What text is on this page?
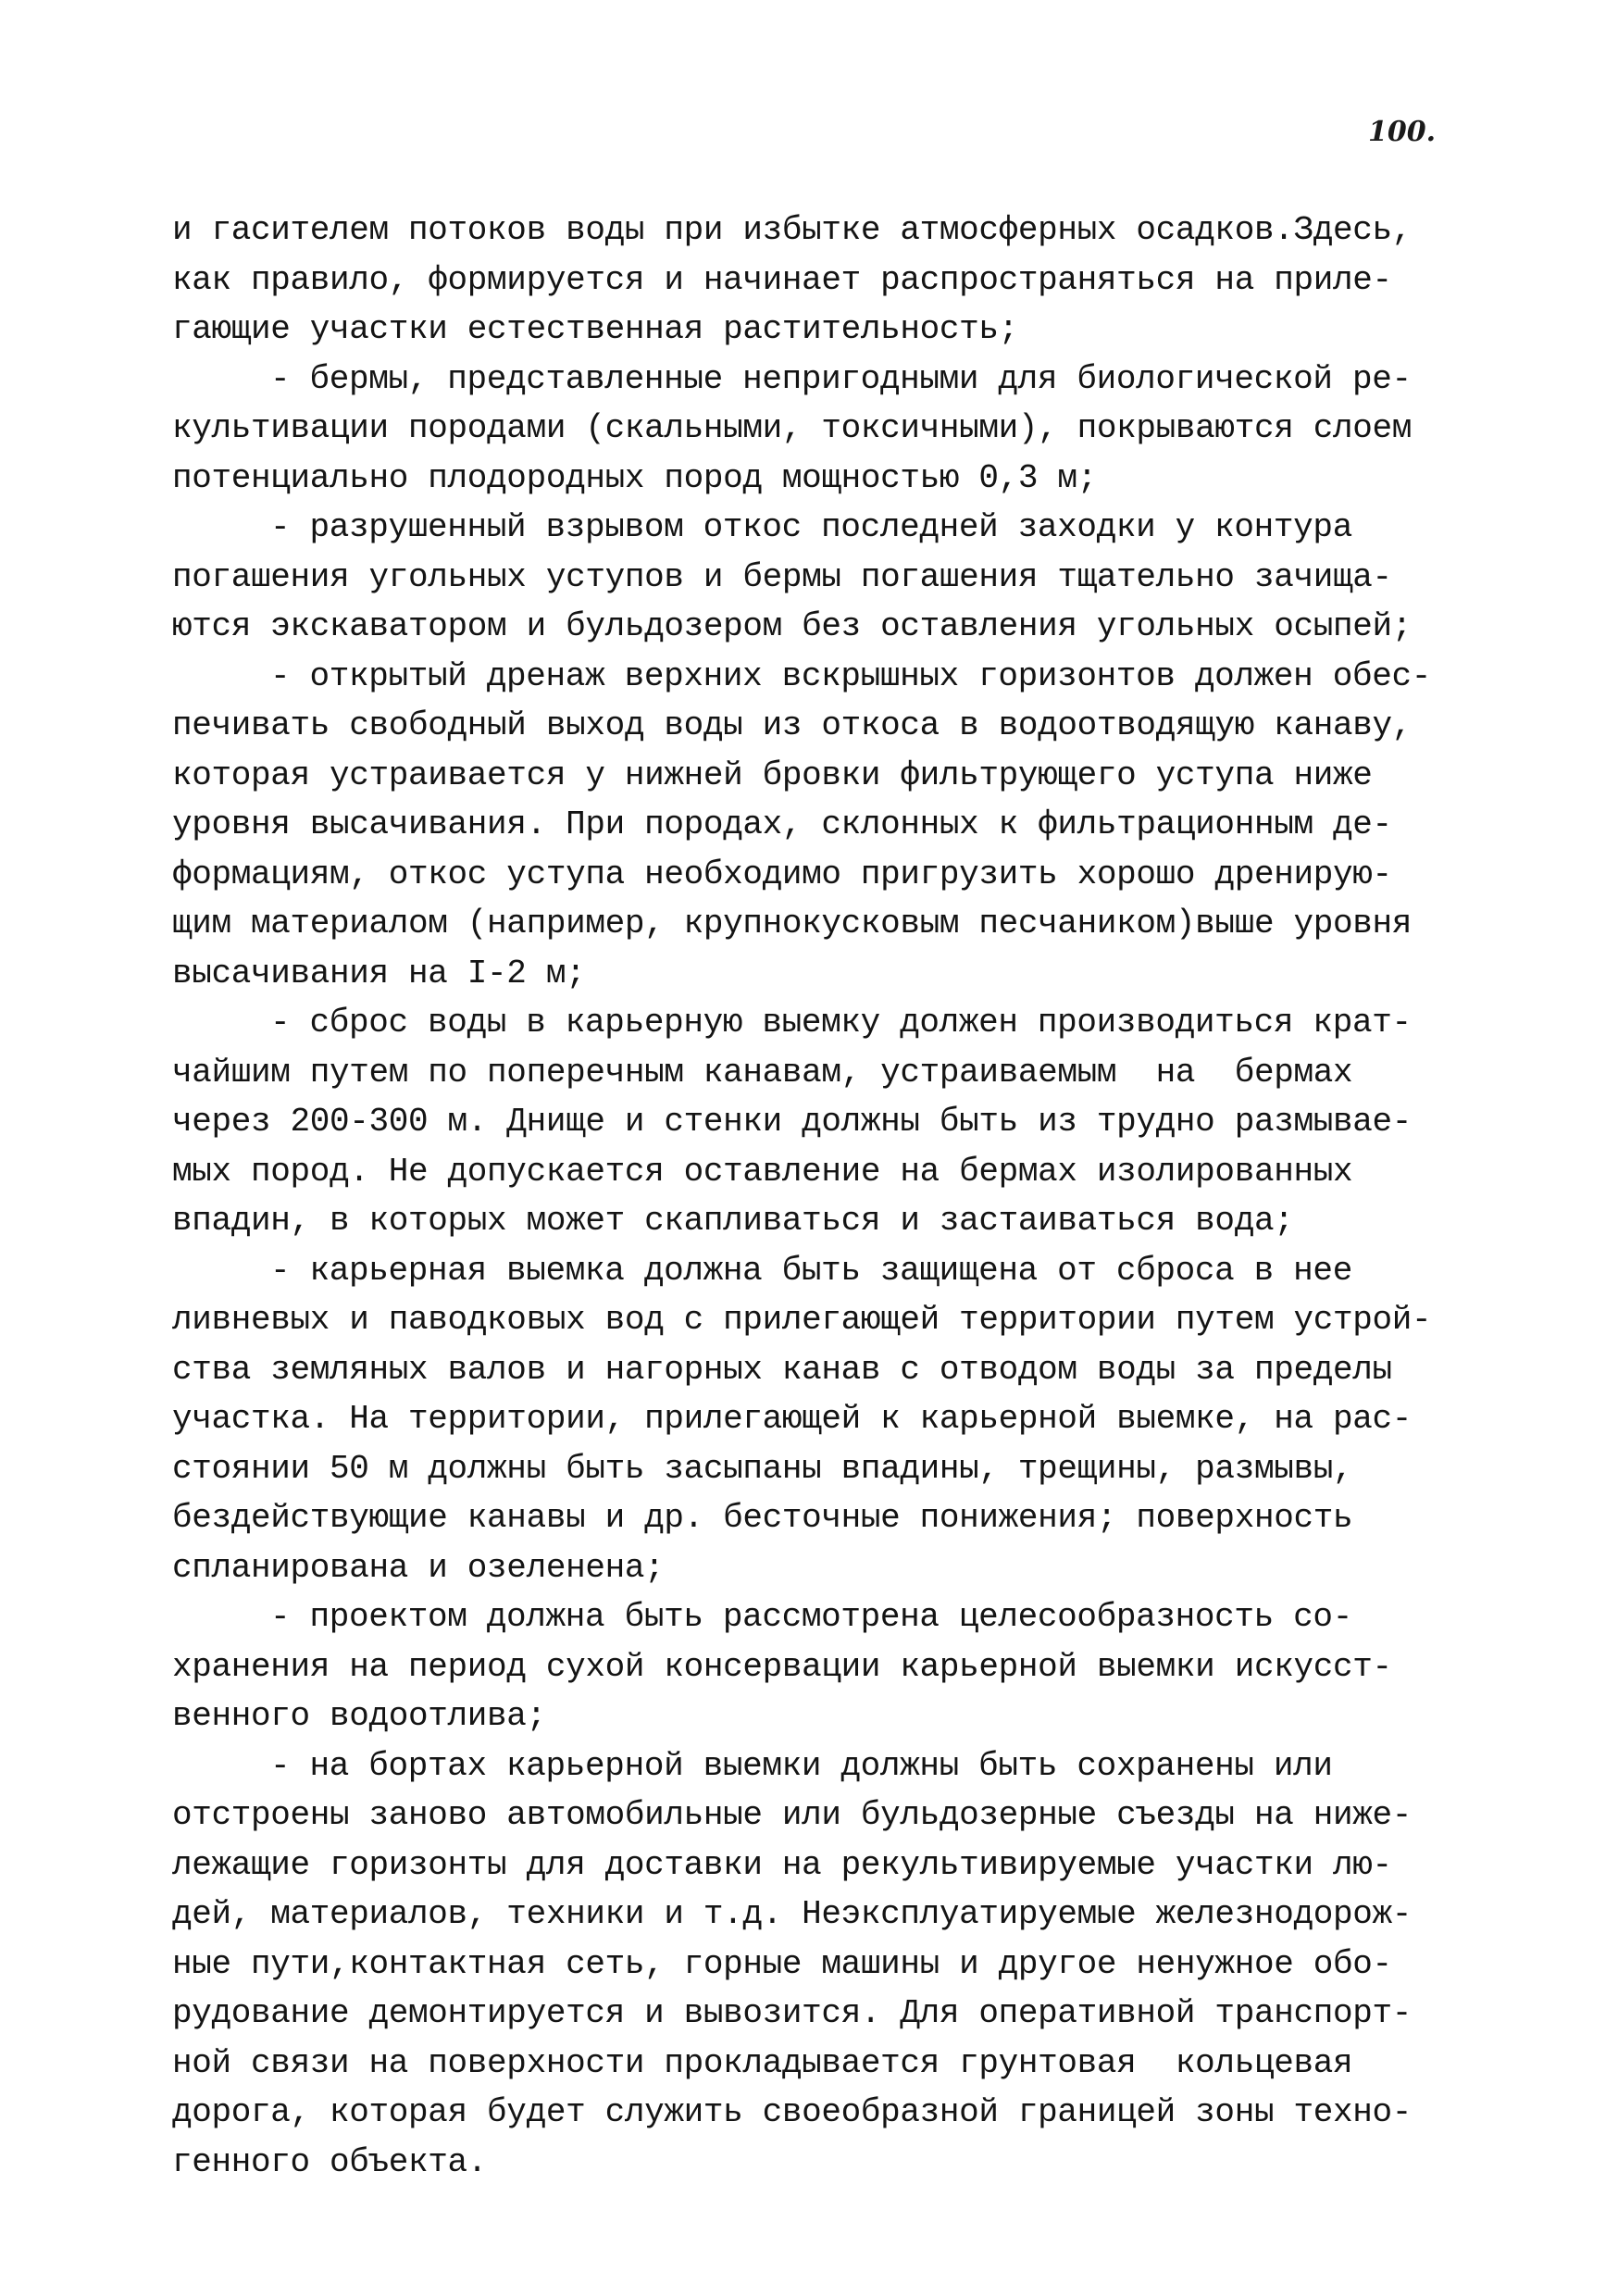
100.
и гасителем потоков воды при избытке атмосферных осадков.Здесь,
как правило, формируется и начинает распространяться на приле-
гающие участки естественная растительность;
- бермы, представленные непригодными для биологической ре-
культивации породами (скальными, токсичными), покрываются слоем
потенциально плодородных пород мощностью 0,3 м;
- разрушенный взрывом откос последней заходки у контура
погашения угольных уступов и бермы погашения тщательно зачища-
ются экскаватором и бульдозером без оставления угольных осыпей;
- открытый дренаж верхних вскрышных горизонтов должен обес-
печивать свободный выход воды из откоса в водоотводящую канаву,
которая устраивается у нижней бровки фильтрующего уступа ниже
уровня высачивания. При породах, склонных к фильтрационным де-
формациям, откос уступа необходимо пригрузить хорошо дренирую-
щим материалом (например, крупнокусковым песчаником)выше уровня
высачивания на I-2 м;
- сброс воды в карьерную выемку должен производиться крат-
чайшим путем по поперечным канавам, устраиваемым  на  бермах
через 200-300 м. Днище и стенки должны быть из трудно размывае-
мых пород. Не допускается оставление на бермах изолированных
впадин, в которых может скапливаться и застаиваться вода;
- карьерная выемка должна быть защищена от сброса в нее
ливневых и паводковых вод с прилегающей территории путем устрой-
ства земляных валов и нагорных канав с отводом воды за пределы
участка. На территории, прилегающей к карьерной выемке, на рас-
стоянии 50 м должны быть засыпаны впадины, трещины, размывы,
бездействующие канавы и др. бесточные понижения; поверхность
спланирована и озеленена;
- проектом должна быть рассмотрена целесообразность со-
хранения на период сухой консервации карьерной выемки искусст-
венного водоотлива;
- на бортах карьерной выемки должны быть сохранены или
отстроены заново автомобильные или бульдозерные съезды на ниже-
лежащие горизонты для доставки на рекультивируемые участки лю-
дей, материалов, техники и т.д. Неэксплуатируемые железнодорож-
ные пути,контактная сеть, горные машины и другое ненужное обо-
рудование демонтируется и вывозится. Для оперативной транспорт-
ной связи на поверхности прокладывается грунтовая  кольцевая
дорога, которая будет служить своеобразной границей зоны техно-
генного объекта.
